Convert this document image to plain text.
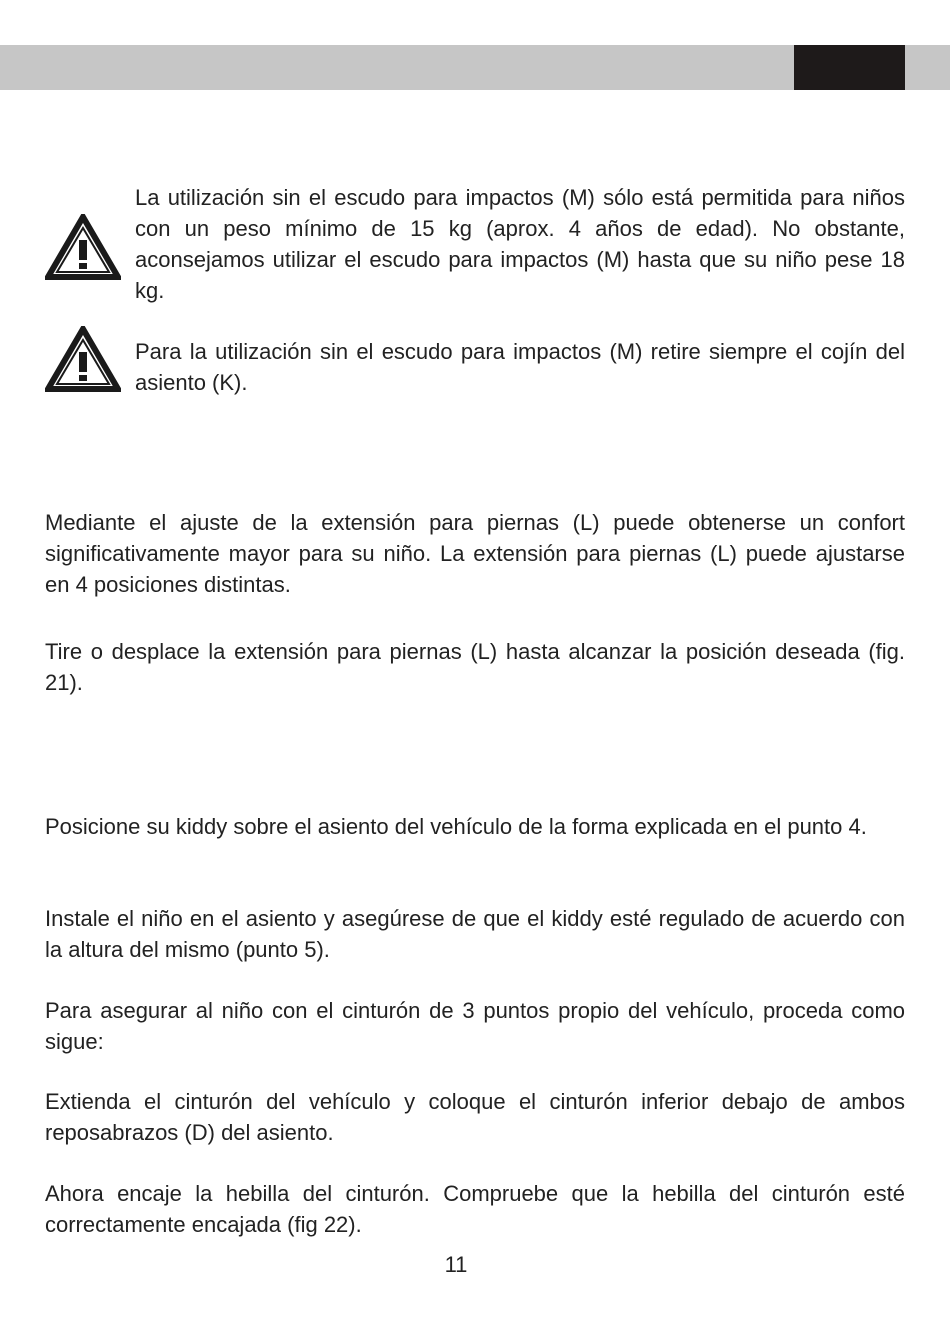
La utilización sin el escudo para impactos (M) sólo está permitida para niños con un peso mínimo de 15 kg (aprox. 4 años de edad). No obstante, aconsejamos utilizar el escudo para impactos (M) hasta que su niño pese 18 kg.

Para la utilización sin el escudo para impactos (M) retire siempre el cojín del asiento (K).

Mediante el ajuste de la extensión para piernas (L) puede obtenerse un confort significativamente mayor para su niño. La extensión para piernas (L) puede ajustarse en 4 posiciones distintas.

Tire o desplace la extensión para piernas (L) hasta alcanzar la posición deseada (fig. 21).

Posicione su kiddy sobre el asiento del vehículo de la forma explicada en el punto 4.

Instale el niño en el asiento y asegúrese de que el kiddy esté regulado de acuerdo con la altura del mismo (punto 5).

Para asegurar al niño con el cinturón de 3 puntos propio del vehículo, proceda como sigue:

Extienda el cinturón del vehículo y coloque el cinturón inferior debajo de ambos reposabrazos (D) del asiento.

Ahora encaje la hebilla del cinturón. Compruebe que la hebilla del cinturón esté correctamente encajada (fig 22).

11
